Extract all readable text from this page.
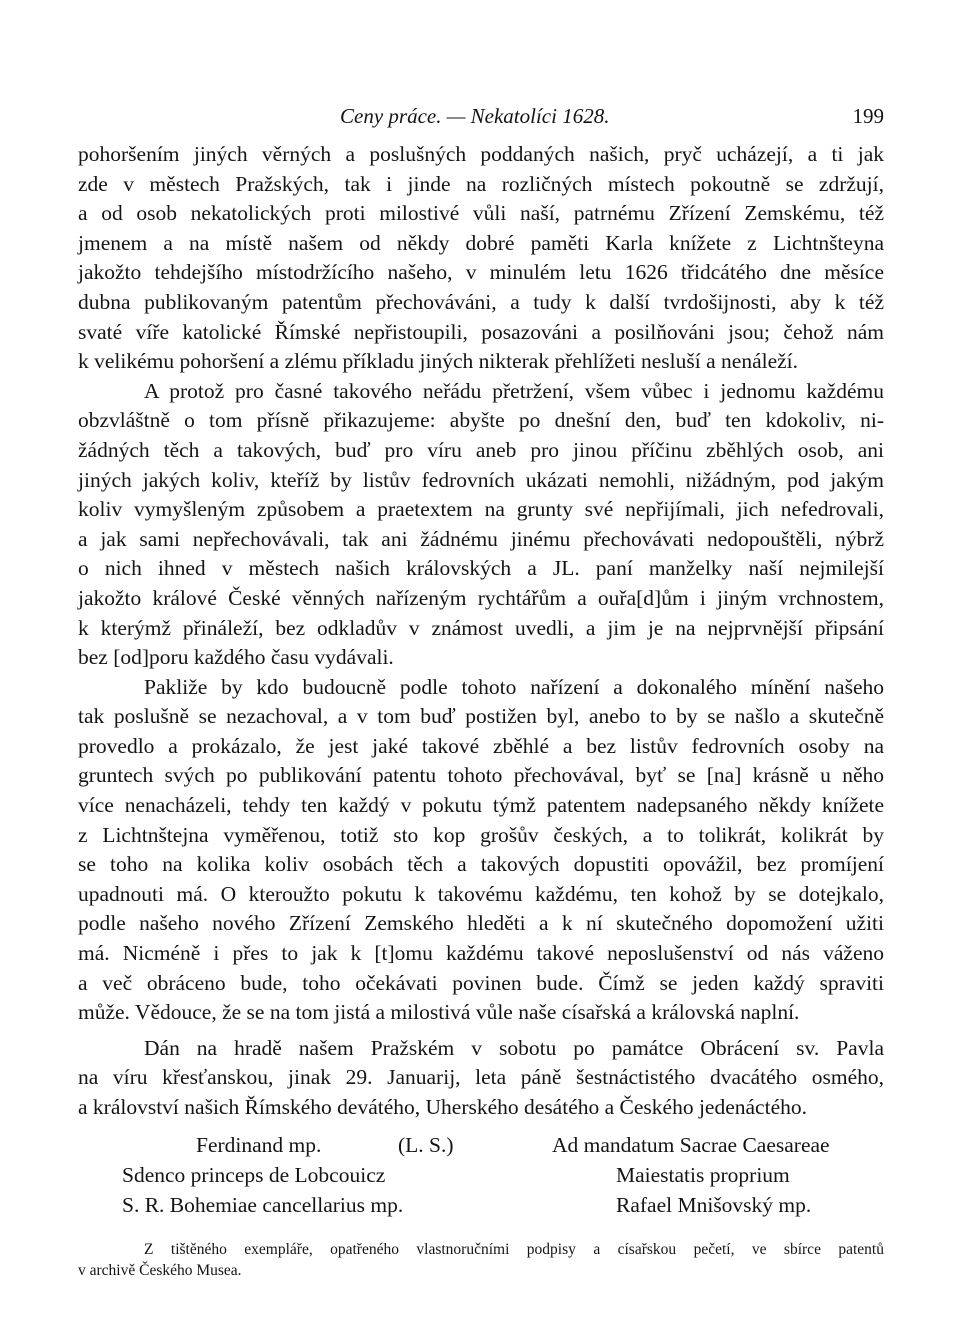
Ceny práce. — Nekatolíci 1628.	199
pohoršením jiných věrných a poslušných poddaných našich, pryč ucházejí, a ti jak
zde v městech Pražských, tak i jinde na rozličných místech pokoutně se zdržují,
a od osob nekatolických proti milostivé vůli naší, patrnému Zřízení Zemskému, též
jmenem a na místě našem od někdy dobré paměti Karla knížete z Lichtnšteyna
jakožto tehdejšího místodržícího našeho, v minulém letu 1626 třidcátého dne měsíce
dubna publikovaným patentům přechováváni, a tudy k další tvrdošijnosti, aby k též
svaté víře katolické Římské nepřistoupili, posazováni a posilňováni jsou; čehož nám
k velikému pohoršení a zlému příkladu jiných nikterak přehlížeti nesluší a nenáleží.
A protož pro časné takového neřádu přetržení, všem vůbec i jednomu každému
obzvláštně o tom přísně přikazujeme: abyšte po dnešní den, buď ten kdokoliv, ni-
žádných těch a takových, buď pro víru aneb pro jinou příčinu zběhlých osob, ani
jiných jakých koliv, kteříž by listův fedrovních ukázati nemohli, nižádným, pod jakým
koliv vymyšleným způsobem a praetextem na grunty své nepřijímali, jich nefedrovali,
a jak sami nepřechovávali, tak ani žádnému jinému přechovávati nedopouštěli, nýbrž
o nich ihned v městech našich královských a JL. paní manželky naší nejmilejší
jakožto králové České věnných nařízeným rychtářům a ouřa[d]ům i jiným vrchnostem,
k kterýmž přináleží, bez odkladův v známost uvedli, a jim je na nejprvnější připsání
bez [od]poru každého času vydávali.
Pakliže by kdo budoucně podle tohoto nařízení a dokonalého mínění našeho
tak poslušně se nezachoval, a v tom buď postižen byl, anebo to by se našlo a skutečně
provedlo a prokázalo, že jest jaké takové zběhlé a bez listův fedrovních osoby na
gruntech svých po publikování patentu tohoto přechovával, byť se [na] krásně u něho
více nenacházeli, tehdy ten každý v pokutu týmž patentem nadepsaného někdy knížete
z Lichtnštejna vyměřenou, totiž sto kop grošův českých, a to tolikrát, kolikrát by
se toho na kolika koliv osobách těch a takových dopustiti opovážil, bez promíjení
upadnouti má. O kteroužto pokutu k takovému každému, ten kohož by se dotejkalo,
podle našeho nového Zřízení Zemského hleděti a k ní skutečného dopomožení užiti
má. Nicméně i přes to jak k [t]omu každému takové neposlušenství od nás váženo
a več obráceno bude, toho očekávati povinen bude. Čímž se jeden každý spraviti
může. Vědouce, že se na tom jistá a milostivá vůle naše císařská a královská naplní.
Dán na hradě našem Pražském v sobotu po památce Obrácení sv. Pavla
na víru křesťanskou, jinak 29. Januarij, leta páně šestnáctistého dvacátého osmého,
a království našich Římského devátého, Uherského desátého a Českého jedenáctého.
Ferdinand mp.	(L. S.)	Ad mandatum Sacrae Caesareae
Sdenco princeps de Lobcouicz	Maiestatis proprium
S. R. Bohemiae cancellarius mp.	Rafael Mnišovský mp.
Z tištěného exempláře, opatřeného vlastnoručními podpisy a císařskou pečetí, ve sbírce patentů
v archivě Českého Musea.
